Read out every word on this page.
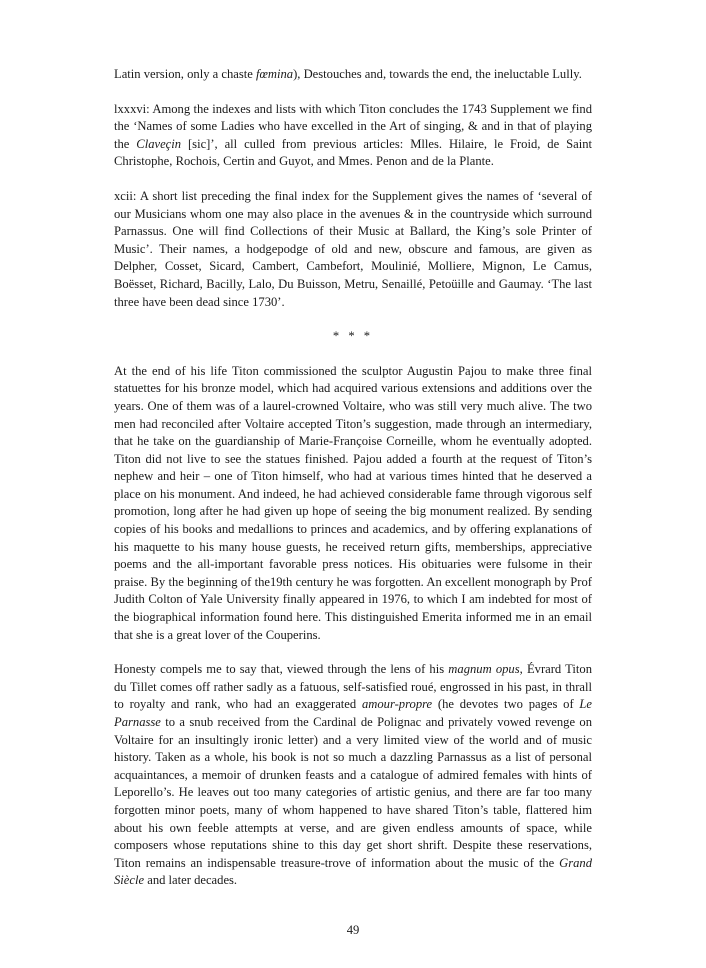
Latin version, only a chaste fœmina), Destouches and, towards the end, the ineluctable Lully.

lxxxvi: Among the indexes and lists with which Titon concludes the 1743 Supplement we find the ‘Names of some Ladies who have excelled in the Art of singing, & and in that of playing the Claveçin [sic]’, all culled from previous articles: Mlles. Hilaire, le Froid, de Saint Christophe, Rochois, Certin and Guyot, and Mmes. Penon and de la Plante.

xcii: A short list preceding the final index for the Supplement gives the names of ‘several of our Musicians whom one may also place in the avenues & in the countryside which surround Parnassus. One will find Collections of their Music at Ballard, the King’s sole Printer of Music’. Their names, a hodgepodge of old and new, obscure and famous, are given as Delpher, Cosset, Sicard, Cambert, Cambefort, Moulinié, Molliere, Mignon, Le Camus, Boësset, Richard, Bacilly, Lalo, Du Buisson, Metru, Senaillé, Petoüille and Gaumay. ‘The last three have been dead since 1730’.

* * *

At the end of his life Titon commissioned the sculptor Augustin Pajou to make three final statuettes for his bronze model, which had acquired various extensions and additions over the years. One of them was of a laurel-crowned Voltaire, who was still very much alive. The two men had reconciled after Voltaire accepted Titon’s suggestion, made through an intermediary, that he take on the guardianship of Marie-Françoise Corneille, whom he eventually adopted. Titon did not live to see the statues finished. Pajou added a fourth at the request of Titon’s nephew and heir – one of Titon himself, who had at various times hinted that he deserved a place on his monument. And indeed, he had achieved considerable fame through vigorous self promotion, long after he had given up hope of seeing the big monument realized. By sending copies of his books and medallions to princes and academics, and by offering explanations of his maquette to his many house guests, he received return gifts, memberships, appreciative poems and the all-important favorable press notices. His obituaries were fulsome in their praise. By the beginning of the19th century he was forgotten. An excellent monograph by Prof Judith Colton of Yale University finally appeared in 1976, to which I am indebted for most of the biographical information found here. This distinguished Emerita informed me in an email that she is a great lover of the Couperins.

Honesty compels me to say that, viewed through the lens of his magnum opus, Évrard Titon du Tillet comes off rather sadly as a fatuous, self-satisfied roué, engrossed in his past, in thrall to royalty and rank, who had an exaggerated amour-propre (he devotes two pages of Le Parnasse to a snub received from the Cardinal de Polignac and privately vowed revenge on Voltaire for an insultingly ironic letter) and a very limited view of the world and of music history. Taken as a whole, his book is not so much a dazzling Parnassus as a list of personal acquaintances, a memoir of drunken feasts and a catalogue of admired females with hints of Leporello’s. He leaves out too many categories of artistic genius, and there are far too many forgotten minor poets, many of whom happened to have shared Titon’s table, flattered him about his own feeble attempts at verse, and are given endless amounts of space, while composers whose reputations shine to this day get short shrift. Despite these reservations, Titon remains an indispensable treasure-trove of information about the music of the Grand Siècle and later decades.

49
